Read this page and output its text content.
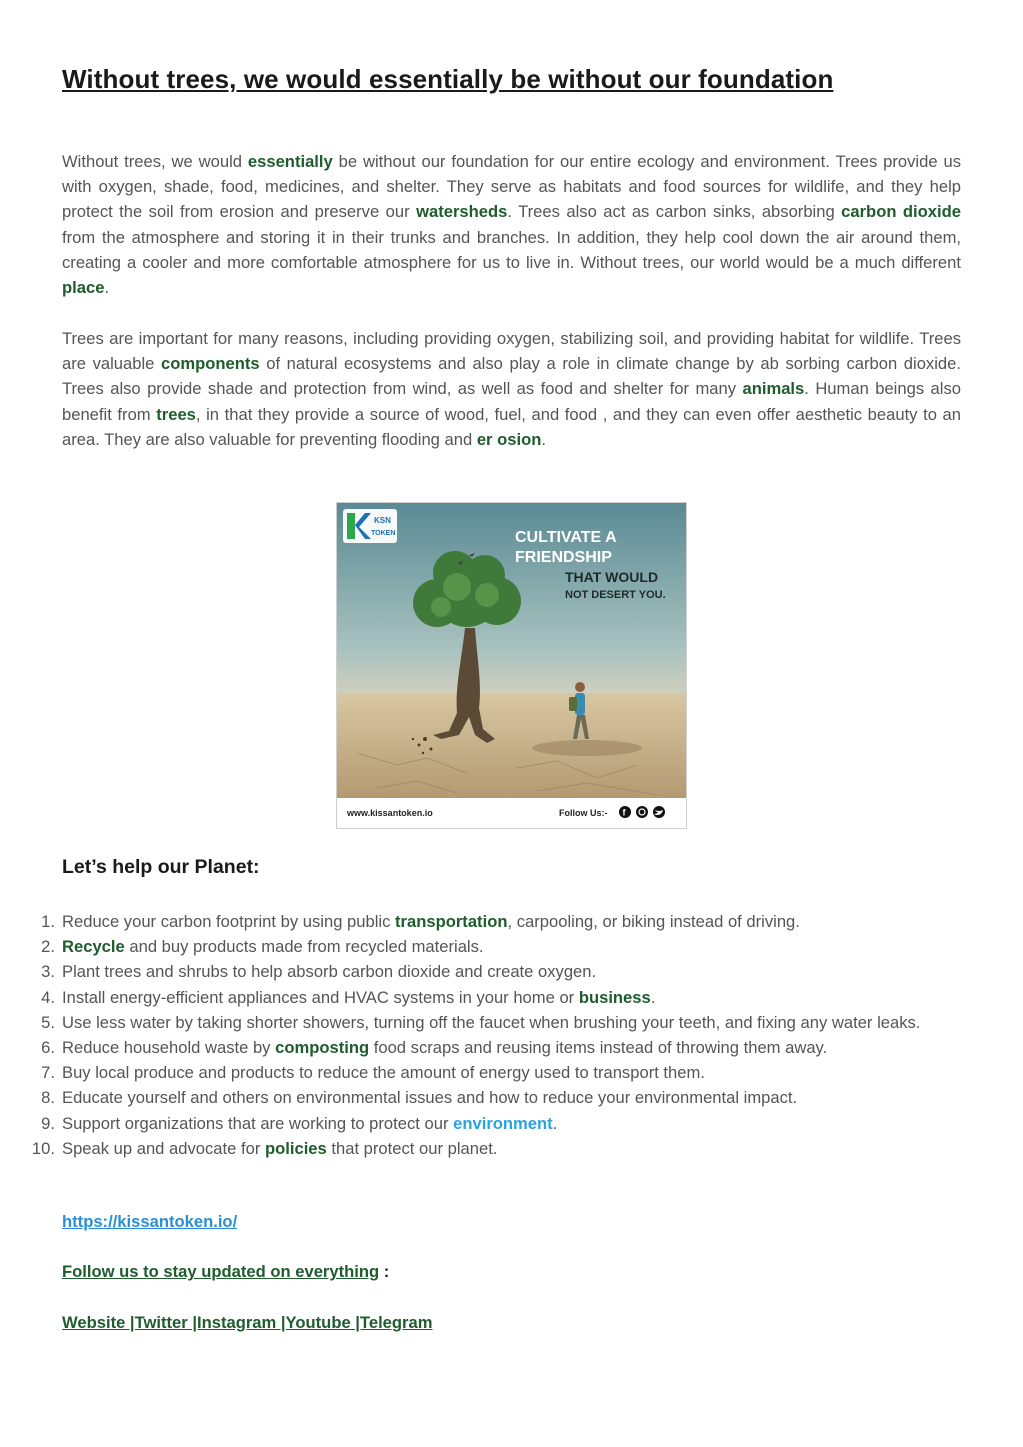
Without trees, we would essentially be without our foundation

Without trees, we would essentially be without our foundation for our entire ecology and environment. Trees provide us with oxygen, shade, food, medicines, and shelter. They serve as habitats and food sources for wildlife, and they help protect the soil from erosion and preserve our watersheds. Trees also act as carbon sinks, absorbing carbon dioxide from the atmosphere and storing it in their trunks and branches. In addition, they help cool down the air around them, creating a cooler and more comfortable atmosphere for us to live in. Without trees, our world would be a much different place.

Trees are important for many reasons, including providing oxygen, stabilizing soil, and providing habitat for wildlife. Trees are valuable components of natural ecosystems and also play a role in climate change by ab sorbing carbon dioxide. Trees also provide shade and protection from wind, as well as food and shelter for many animals. Human beings also benefit from trees, in that they provide a source of wood, fuel, and food , and they can even offer aesthetic beauty to an area. They are also valuable for preventing flooding and er osion.

KSN
TOKEN	CULTIVATE A
FRIENDSHIP
THAT WOULD
NOT DESERT YOU.
www.kissantoken.io	Follow Us:- f
Let’s help our Planet:
1. Reduce your carbon footprint by using public transportation, carpooling, or biking instead of driving.
2. Recycle and buy products made from recycled materials.
3. Plant trees and shrubs to help absorb carbon dioxide and create oxygen.
4. Install energy-efficient appliances and HVAC systems in your home or business.
5. Use less water by taking shorter showers, turning off the faucet when brushing your teeth, and fixing any water leaks.
6. Reduce household waste by composting food scraps and reusing items instead of throwing them away.
7. Buy local produce and products to reduce the amount of energy used to transport them.
8. Educate yourself and others on environmental issues and how to reduce your environmental impact.
9. Support organizations that are working to protect our environment.
10. Speak up and advocate for policies that protect our planet.
https://kissantoken.io/
Follow us to stay updated on everything :
Website |Twitter |Instagram |Youtube |Telegram
